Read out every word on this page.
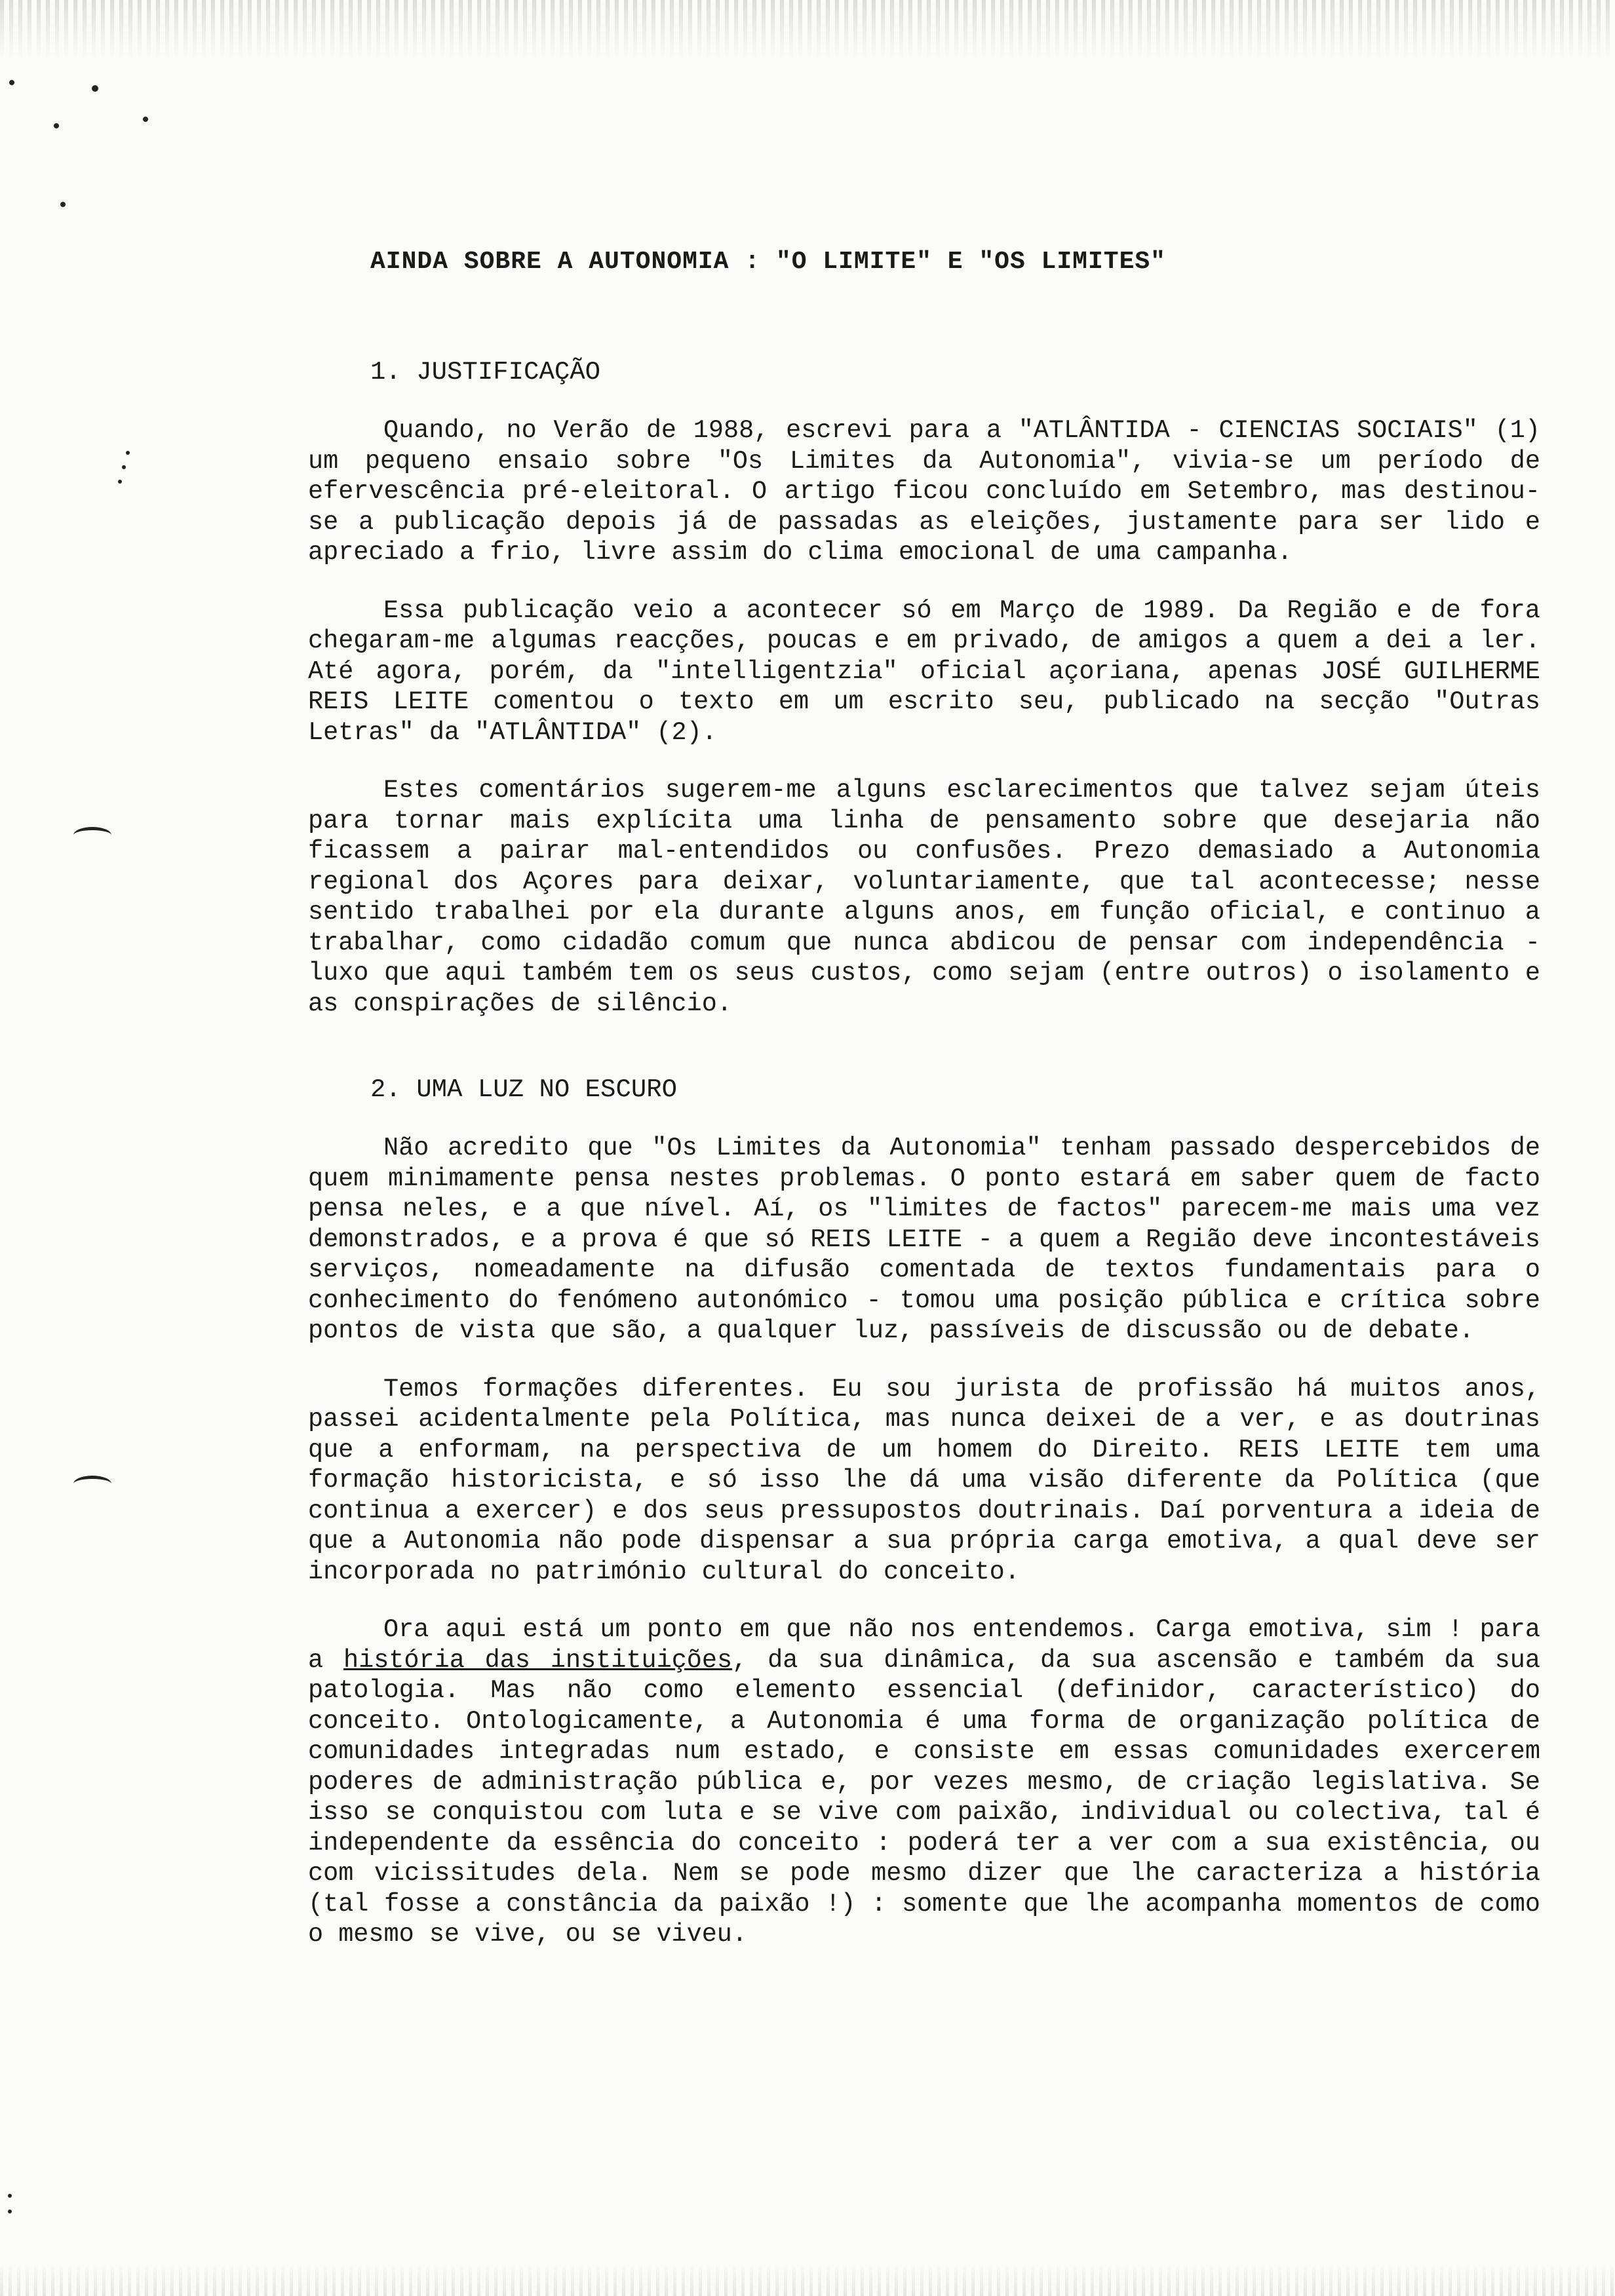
AINDA SOBRE A AUTONOMIA : "O LIMITE" E "OS LIMITES"
1. JUSTIFICAÇÃO

Quando, no Verão de 1988, escrevi para a "ATLÂNTIDA - CIENCIAS SOCIAIS" (1) um pequeno ensaio sobre "Os Limites da Autonomia", vivia-se um período de efervescência pré-eleitoral. O artigo ficou concluído em Setembro, mas destinou-se a publicação depois já de passadas as eleições, justamente para ser lido e apreciado a frio, livre assim do clima emocional de uma campanha.

Essa publicação veio a acontecer só em Março de 1989. Da Região e de fora chegaram-me algumas reacções, poucas e em privado, de amigos a quem a dei a ler. Até agora, porém, da "intelligentzia" oficial açoriana, apenas JOSÉ GUILHERME REIS LEITE comentou o texto em um escrito seu, publicado na secção "Outras Letras" da "ATLÂNTIDA" (2).

Estes comentários sugerem-me alguns esclarecimentos que talvez sejam úteis para tornar mais explícita uma linha de pensamento sobre que desejaria não ficassem a pairar mal-entendidos ou confusões. Prezo demasiado a Autonomia regional dos Açores para deixar, voluntariamente, que tal acontecesse; nesse sentido trabalhei por ela durante alguns anos, em função oficial, e continuo a trabalhar, como cidadão comum que nunca abdicou de pensar com independência - luxo que aqui também tem os seus custos, como sejam (entre outros) o isolamento e as conspirações de silêncio.

2. UMA LUZ NO ESCURO

Não acredito que "Os Limites da Autonomia" tenham passado despercebidos de quem minimamente pensa nestes problemas. O ponto estará em saber quem de facto pensa neles, e a que nível. Aí, os "limites de factos" parecem-me mais uma vez demonstrados, e a prova é que só REIS LEITE - a quem a Região deve incontestáveis serviços, nomeadamente na difusão comentada de textos fundamentais para o conhecimento do fenómeno autonómico - tomou uma posição pública e crítica sobre pontos de vista que são, a qualquer luz, passíveis de discussão ou de debate.

Temos formações diferentes. Eu sou jurista de profissão há muitos anos, passei acidentalmente pela Política, mas nunca deixei de a ver, e as doutrinas que a enformam, na perspectiva de um homem do Direito. REIS LEITE tem uma formação historicista, e só isso lhe dá uma visão diferente da Política (que continua a exercer) e dos seus pressupostos doutrinais. Daí porventura a ideia de que a Autonomia não pode dispensar a sua própria carga emotiva, a qual deve ser incorporada no património cultural do conceito.

Ora aqui está um ponto em que não nos entendemos. Carga emotiva, sim ! para a história das instituições, da sua dinâmica, da sua ascensão e também da sua patologia. Mas não como elemento essencial (definidor, característico) do conceito. Ontologicamente, a Autonomia é uma forma de organização política de comunidades integradas num estado, e consiste em essas comunidades exercerem poderes de administração pública e, por vezes mesmo, de criação legislativa. Se isso se conquistou com luta e se vive com paixão, individual ou colectiva, tal é independente da essência do conceito : poderá ter a ver com a sua existência, ou com vicissitudes dela. Nem se pode mesmo dizer que lhe caracteriza a história (tal fosse a constância da paixão !) : somente que lhe acompanha momentos de como o mesmo se vive, ou se viveu.
